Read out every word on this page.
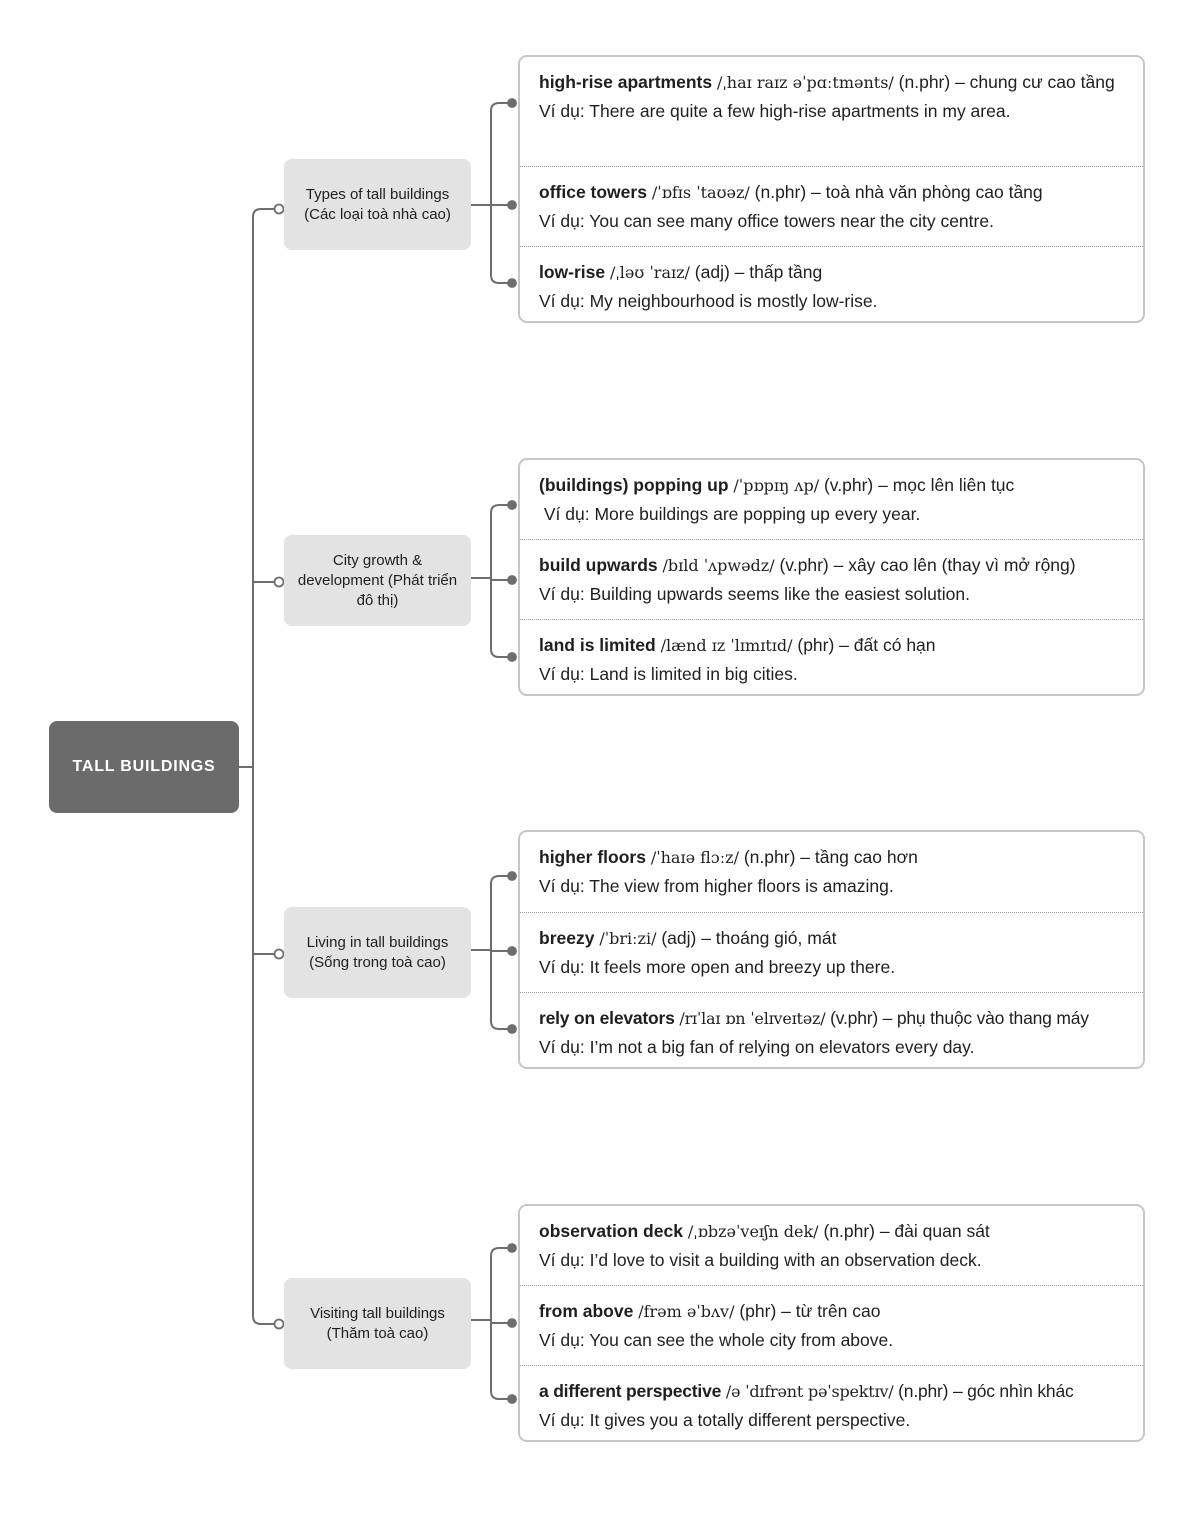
TALL BUILDINGS
Types of tall buildings (Các loại toà nhà cao)
City growth & development (Phát triển đô thị)
Living in tall buildings (Sống trong toà cao)
Visiting tall buildings (Thăm toà cao)
high-rise apartments /ˌhaɪ raɪz əˈpɑːtmənts/ (n.phr) – chung cư cao tầng
Ví dụ: There are quite a few high-rise apartments in my area.
office towers /ˈɒfɪs ˈtaʊəz/ (n.phr) – toà nhà văn phòng cao tầng
Ví dụ: You can see many office towers near the city centre.
low-rise /ˌləʊ ˈraɪz/ (adj) – thấp tầng
Ví dụ: My neighbourhood is mostly low-rise.
(buildings) popping up /ˈpɒpɪŋ ʌp/ (v.phr) – mọc lên liên tục
Ví dụ: More buildings are popping up every year.
build upwards /bɪld ˈʌpwədz/ (v.phr) – xây cao lên (thay vì mở rộng)
Ví dụ: Building upwards seems like the easiest solution.
land is limited /lænd ɪz ˈlɪmɪtɪd/ (phr) – đất có hạn
Ví dụ: Land is limited in big cities.
higher floors /ˈhaɪə flɔːz/ (n.phr) – tầng cao hơn
Ví dụ: The view from higher floors is amazing.
breezy /ˈbriːzi/ (adj) – thoáng gió, mát
Ví dụ: It feels more open and breezy up there.
rely on elevators /rɪˈlaɪ ɒn ˈelɪveɪtəz/ (v.phr) – phụ thuộc vào thang máy
Ví dụ: I’m not a big fan of relying on elevators every day.
observation deck /ˌɒbzəˈveɪʃn dek/ (n.phr) – đài quan sát
Ví dụ: I’d love to visit a building with an observation deck.
from above /frəm əˈbʌv/ (phr) – từ trên cao
Ví dụ: You can see the whole city from above.
a different perspective /ə ˈdɪfrənt pəˈspektɪv/ (n.phr) – góc nhìn khác
Ví dụ: It gives you a totally different perspective.
